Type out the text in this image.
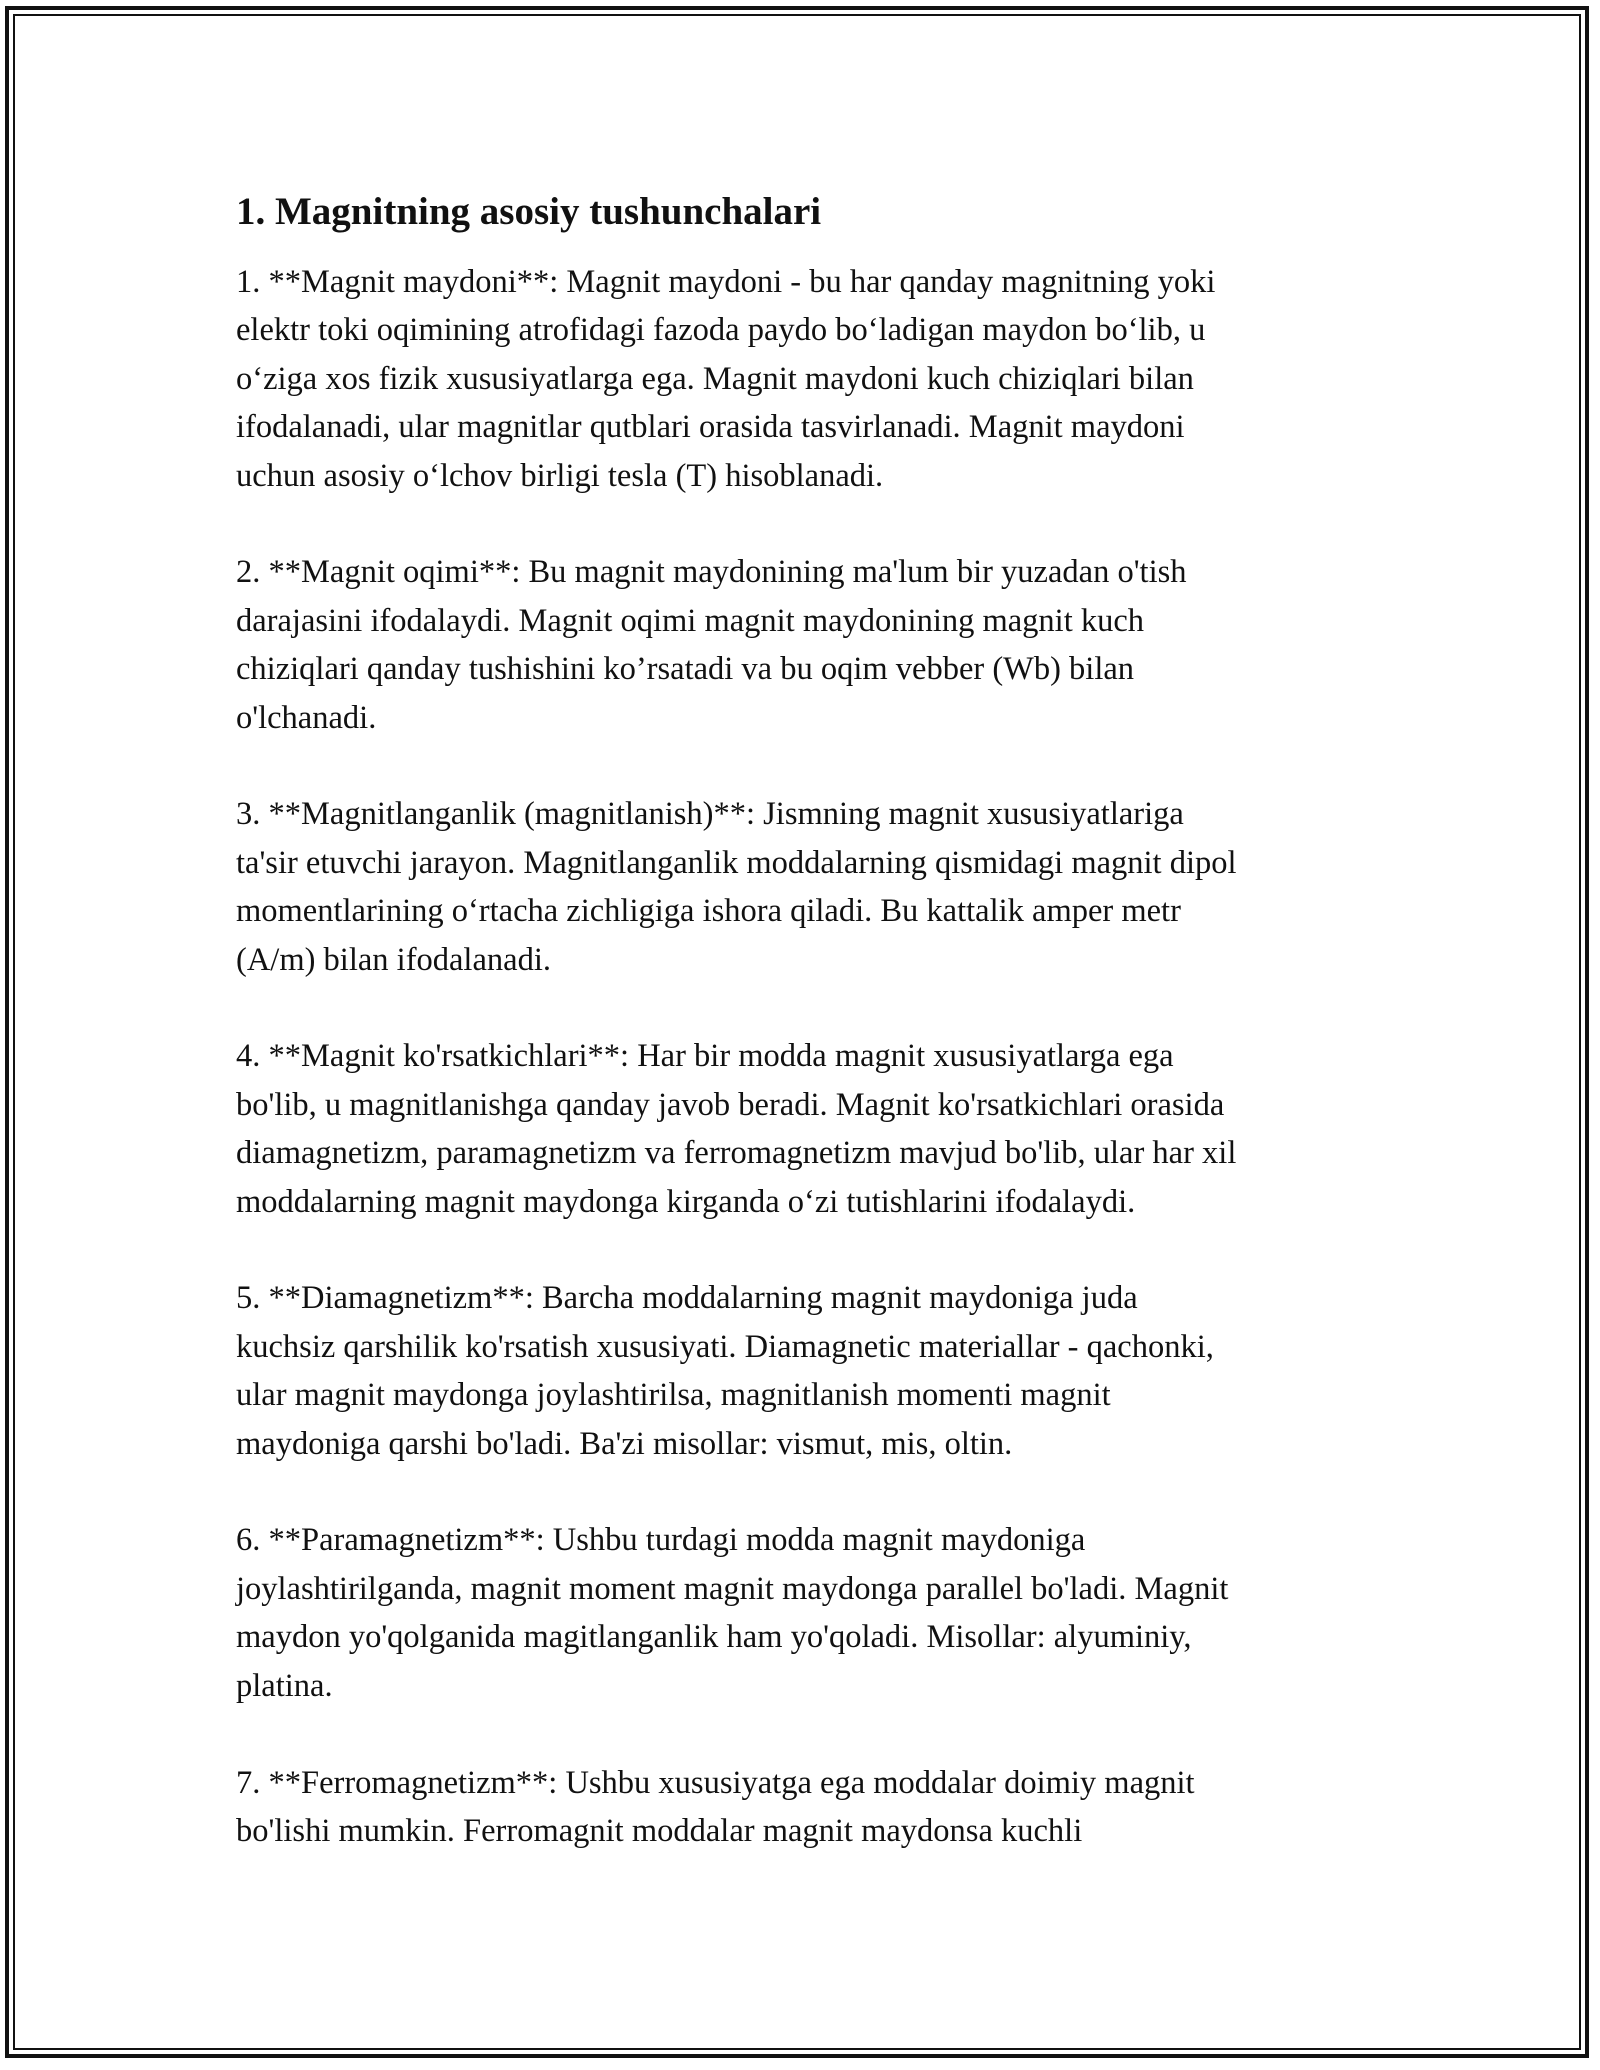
1. Magnitning asosiy tushunchalari
1. **Magnit maydoni**: Magnit maydoni - bu har qanday magnitning yoki
elektr toki oqimining atrofidagi fazoda paydo boʻladigan maydon boʻlib, u
oʻziga xos fizik xususiyatlarga ega. Magnit maydoni kuch chiziqlari bilan
ifodalanadi, ular magnitlar qutblari orasida tasvirlanadi. Magnit maydoni
uchun asosiy oʻlchov birligi tesla (T) hisoblanadi.
2. **Magnit oqimi**: Bu magnit maydonining ma'lum bir yuzadan o'tish
darajasini ifodalaydi. Magnit oqimi magnit maydonining magnit kuch
chiziqlari qanday tushishini ko’rsatadi va bu oqim vebber (Wb) bilan
o'lchanadi.
3. **Magnitlanganlik (magnitlanish)**: Jismning magnit xususiyatlariga
ta'sir etuvchi jarayon. Magnitlanganlik moddalarning qismidagi magnit dipol
momentlarining oʻrtacha zichligiga ishora qiladi. Bu kattalik amper metr
(A/m) bilan ifodalanadi.
4. **Magnit ko'rsatkichlari**: Har bir modda magnit xususiyatlarga ega
bo'lib, u magnitlanishga qanday javob beradi. Magnit ko'rsatkichlari orasida
diamagnetizm, paramagnetizm va ferromagnetizm mavjud bo'lib, ular har xil
moddalarning magnit maydonga kirganda oʻzi tutishlarini ifodalaydi.
5. **Diamagnetizm**: Barcha moddalarning magnit maydoniga juda
kuchsiz qarshilik ko'rsatish xususiyati. Diamagnetic materiallar - qachonki,
ular magnit maydonga joylashtirilsa, magnitlanish momenti magnit
maydoniga qarshi bo'ladi. Ba'zi misollar: vismut, mis, oltin.
6. **Paramagnetizm**: Ushbu turdagi modda magnit maydoniga
joylashtirilganda, magnit moment magnit maydonga parallel bo'ladi. Magnit
maydon yo'qolganida magitlanganlik ham yo'qoladi. Misollar: alyuminiy,
platina.
7. **Ferromagnetizm**: Ushbu xususiyatga ega moddalar doimiy magnit
bo'lishi mumkin. Ferromagnit moddalar magnit maydonsa kuchli
